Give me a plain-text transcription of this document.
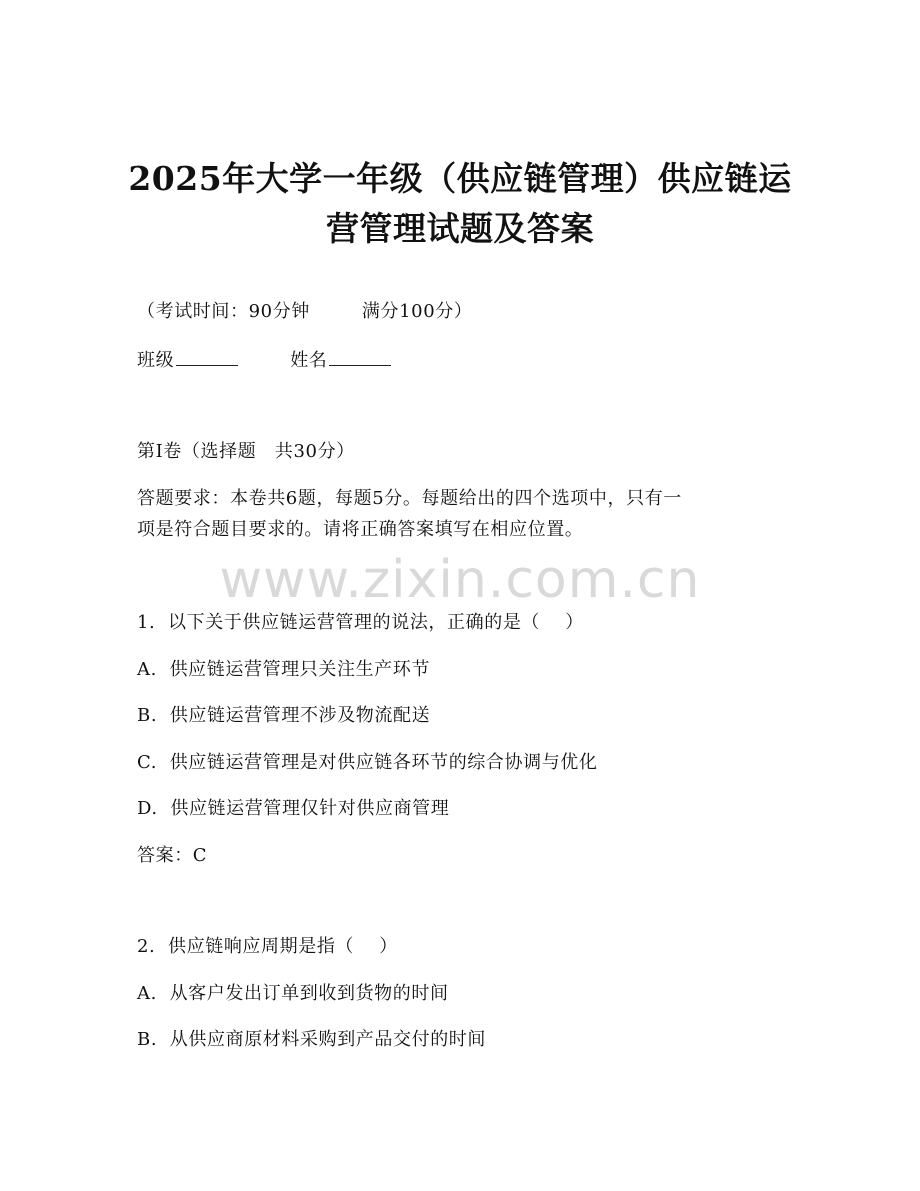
2025年大学一年级（供应链管理）供应链运
营管理试题及答案

（考试时间：90分钟	满分100分）

班级	姓名

第I卷（选择题　共30分）

答题要求：本卷共6题，每题5分。每题给出的四个选项中，只有一

项是符合题目要求的。请将正确答案填写在相应位置。

www.zixin.com.cn

1.  以下关于供应链运营管理的说法，正确的是（    ）

A.  供应链运营管理只关注生产环节

B.  供应链运营管理不涉及物流配送

C.  供应链运营管理是对供应链各环节的综合协调与优化

D.  供应链运营管理仅针对供应商管理

答案：C

2.  供应链响应周期是指（    ）

A.  从客户发出订单到收到货物的时间

B.  从供应商原材料采购到产品交付的时间
